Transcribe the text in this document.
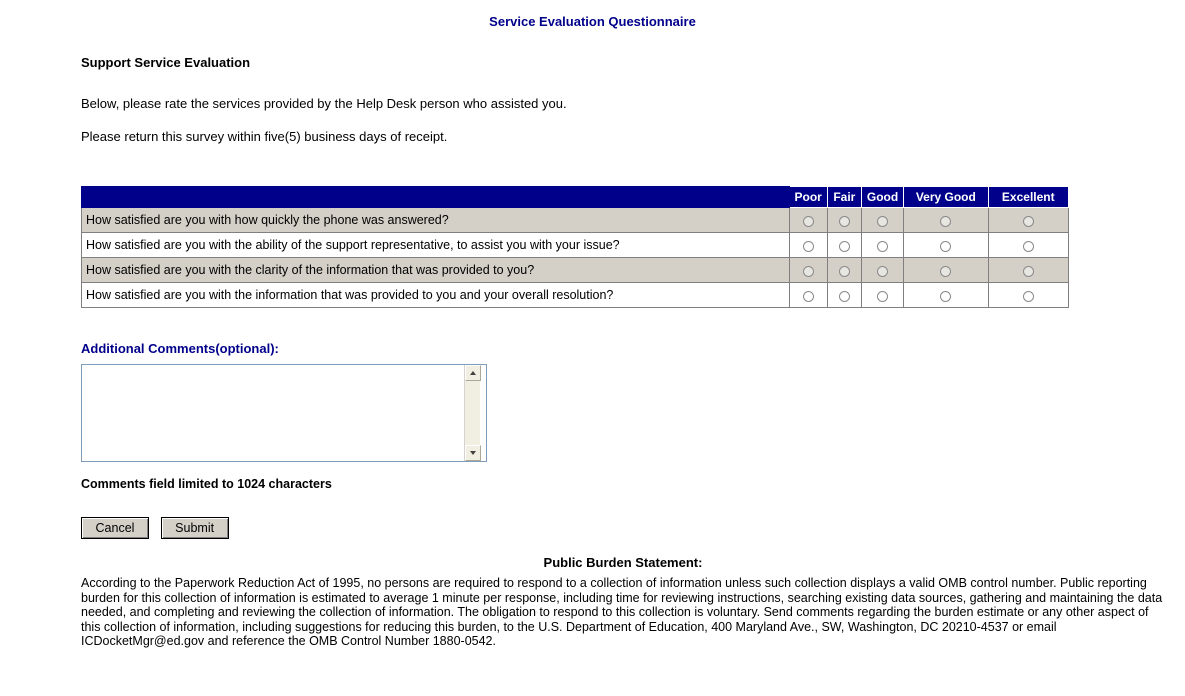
Service Evaluation Questionnaire
Support Service Evaluation
Below, please rate the services provided by the Help Desk person who assisted you.
Please return this survey within five(5) business days of receipt.
	Poor	Fair	Good	Very Good	Excellent
How satisfied are you with how quickly the phone was answered?					
How satisfied are you with the ability of the support representative, to assist you with your issue?					
How satisfied are you with the clarity of the information that was provided to you?					
How satisfied are you with the information that was provided to you and your overall resolution?					
Additional Comments(optional):
Comments field limited to 1024 characters
Cancel	Submit
Public Burden Statement:
According to the Paperwork Reduction Act of 1995, no persons are required to respond to a collection of information unless such collection displays a valid OMB control number. Public reporting burden for this collection of information is estimated to average 1 minute per response, including time for reviewing instructions, searching existing data sources, gathering and maintaining the data needed, and completing and reviewing the collection of information. The obligation to respond to this collection is voluntary. Send comments regarding the burden estimate or any other aspect of this collection of information, including suggestions for reducing this burden, to the U.S. Department of Education, 400 Maryland Ave., SW, Washington, DC 20210-4537 or email ICDocketMgr@ed.gov and reference the OMB Control Number 1880-0542.
